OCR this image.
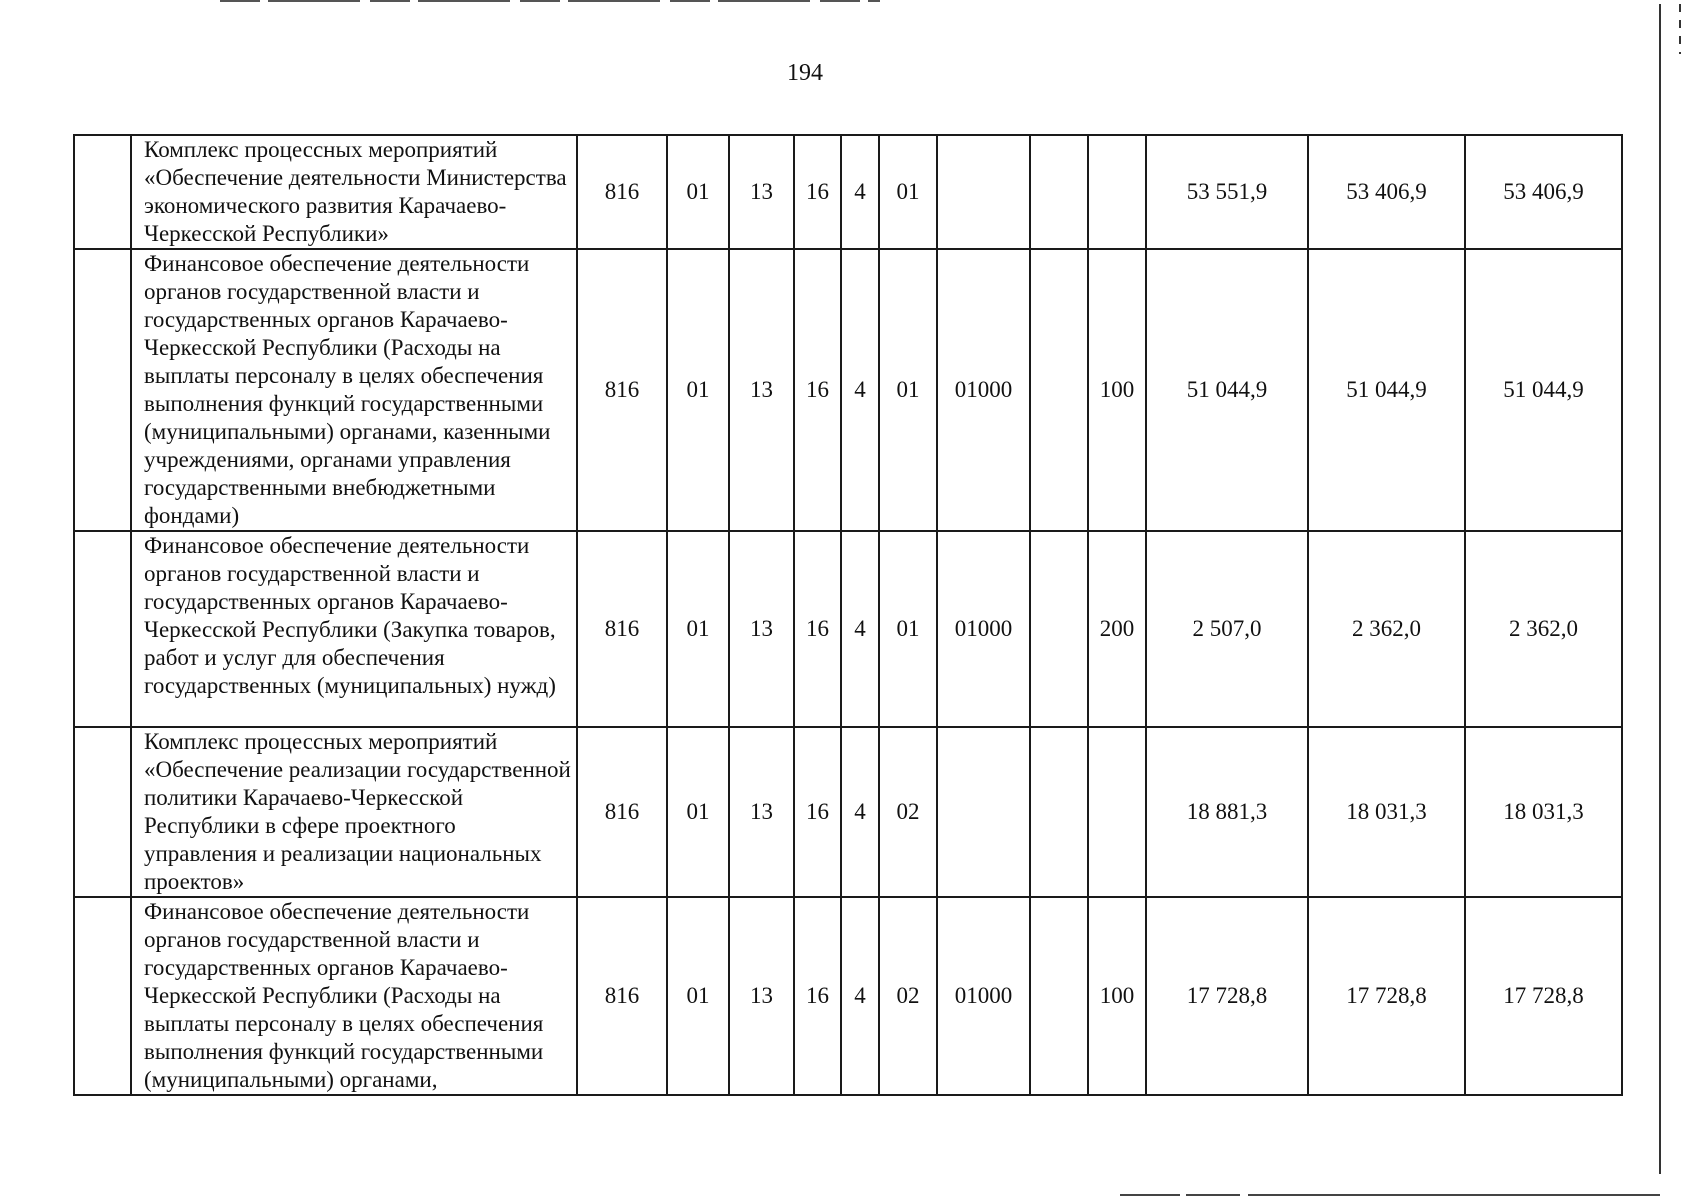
194
	Комплекс процессных мероприятий «Обеспечение деятельности Министерства экономического развития Карачаево-Черкесской Республики»	816	01	13	16	4	01				53 551,9	53 406,9	53 406,9
	Финансовое обеспечение деятельности органов государственной власти и государственных органов Карачаево-Черкесской Республики (Расходы на выплаты персоналу в целях обеспечения выполнения функций государственными (муниципальными) органами, казенными учреждениями, органами управления государственными внебюджетными фондами)	816	01	13	16	4	01	01000		100	51 044,9	51 044,9	51 044,9
	Финансовое обеспечение деятельности органов государственной власти и государственных органов Карачаево-Черкесской Республики (Закупка товаров, работ и услуг для обеспечения государственных (муниципальных) нужд)	816	01	13	16	4	01	01000		200	2 507,0	2 362,0	2 362,0
	Комплекс процессных мероприятий «Обеспечение реализации государственной политики Карачаево-Черкесской Республики в сфере проектного управления и реализации национальных проектов»	816	01	13	16	4	02				18 881,3	18 031,3	18 031,3
	Финансовое обеспечение деятельности органов государственной власти и государственных органов Карачаево-Черкесской Республики (Расходы на выплаты персоналу в целях обеспечения выполнения функций государственными (муниципальными) органами,	816	01	13	16	4	02	01000		100	17 728,8	17 728,8	17 728,8
